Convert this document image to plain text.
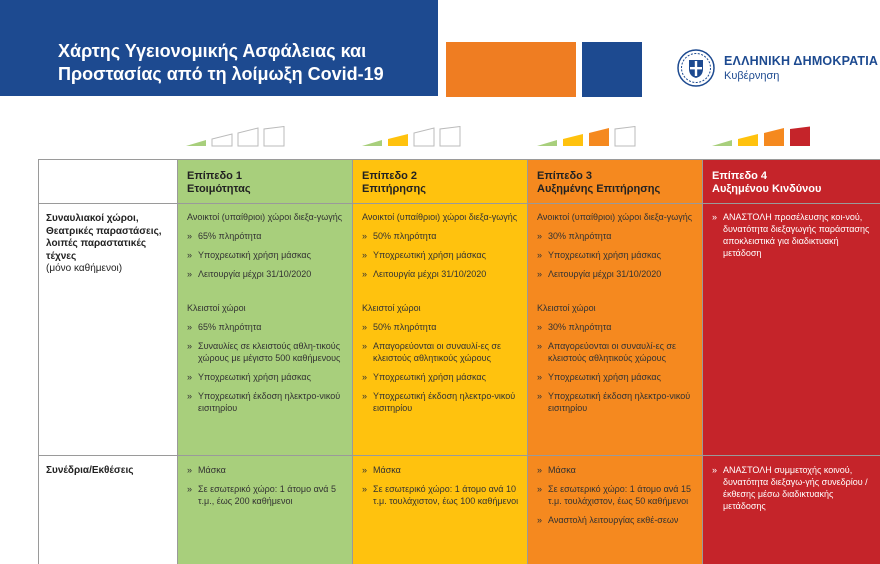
Χάρτης Υγειονομικής Ασφάλειας και
Προστασίας από τη λοίμωξη Covid-19
ΕΛΛΗΝΙΚΗ ΔΗΜΟΚΡΑΤΙΑ
Κυβέρνηση
Επίπεδο 1
Ετοιμότητας
Επίπεδο 2
Επιτήρησης
Επίπεδο 3
Αυξημένης Επιτήρησης
Επίπεδο 4
Αυξημένου Κινδύνου
Συναυλιακοί χώροι, Θεατρικές παραστάσεις, λοιπές παραστατικές τέχνες
(μόνο καθήμενοι)
Συνέδρια/Εκθέσεις
Ανοικτοί (υπαίθριοι) χώροι διεξα-γωγής
» 65% πληρότητα
» Υποχρεωτική χρήση μάσκας
» Λειτουργία μέχρι 31/10/2020
Κλειστοί χώροι
» 65% πληρότητα
» Συναυλίες σε κλειστούς αθλη-τικούς χώρους με μέγιστο 500 καθήμενους
» Υποχρεωτική χρήση μάσκας
» Υποχρεωτική έκδοση ηλεκτρο-νικού εισιτηρίου
Ανοικτοί (υπαίθριοι) χώροι διεξα-γωγής
» 50% πληρότητα
» Υποχρεωτική χρήση μάσκας
» Λειτουργία μέχρι 31/10/2020
Κλειστοί χώροι
» 50% πληρότητα
» Απαγορεύονται οι συναυλί-ες σε κλειστούς αθλητικούς χώρους
» Υποχρεωτική χρήση μάσκας
» Υποχρεωτική έκδοση ηλεκτρο-νικού εισιτηρίου
Ανοικτοί (υπαίθριοι) χώροι διεξα-γωγής
» 30% πληρότητα
» Υποχρεωτική χρήση μάσκας
» Λειτουργία μέχρι 31/10/2020
Κλειστοί χώροι
» 30% πληρότητα
» Απαγορεύονται οι συναυλί-ες σε κλειστούς αθλητικούς χώρους
» Υποχρεωτική χρήση μάσκας
» Υποχρεωτική έκδοση ηλεκτρο-νικού εισιτηρίου
» ΑΝΑΣΤΟΛΗ προσέλευσης κοι-νού, δυνατότητα διεξαγωγής παράστασης αποκλειστικά για διαδικτυακή μετάδοση
» Μάσκα
» Σε εσωτερικό χώρο: 1 άτομο ανά 5 τ.μ., έως 200 καθήμενοι
» Μάσκα
» Σε εσωτερικό χώρο: 1 άτομο ανά 10 τ.μ. τουλάχιστον, έως 100 καθήμενοι
» Μάσκα
» Σε εσωτερικό χώρο: 1 άτομο ανά 15 τ.μ. τουλάχιστον, έως 50 καθήμενοι
» Αναστολή λειτουργίας εκθέ-σεων
» ΑΝΑΣΤΟΛΗ συμμετοχής κοινού, δυνατότητα διεξαγω-γής συνεδρίου / έκθεσης μέσω διαδικτυακής μετάδοσης
